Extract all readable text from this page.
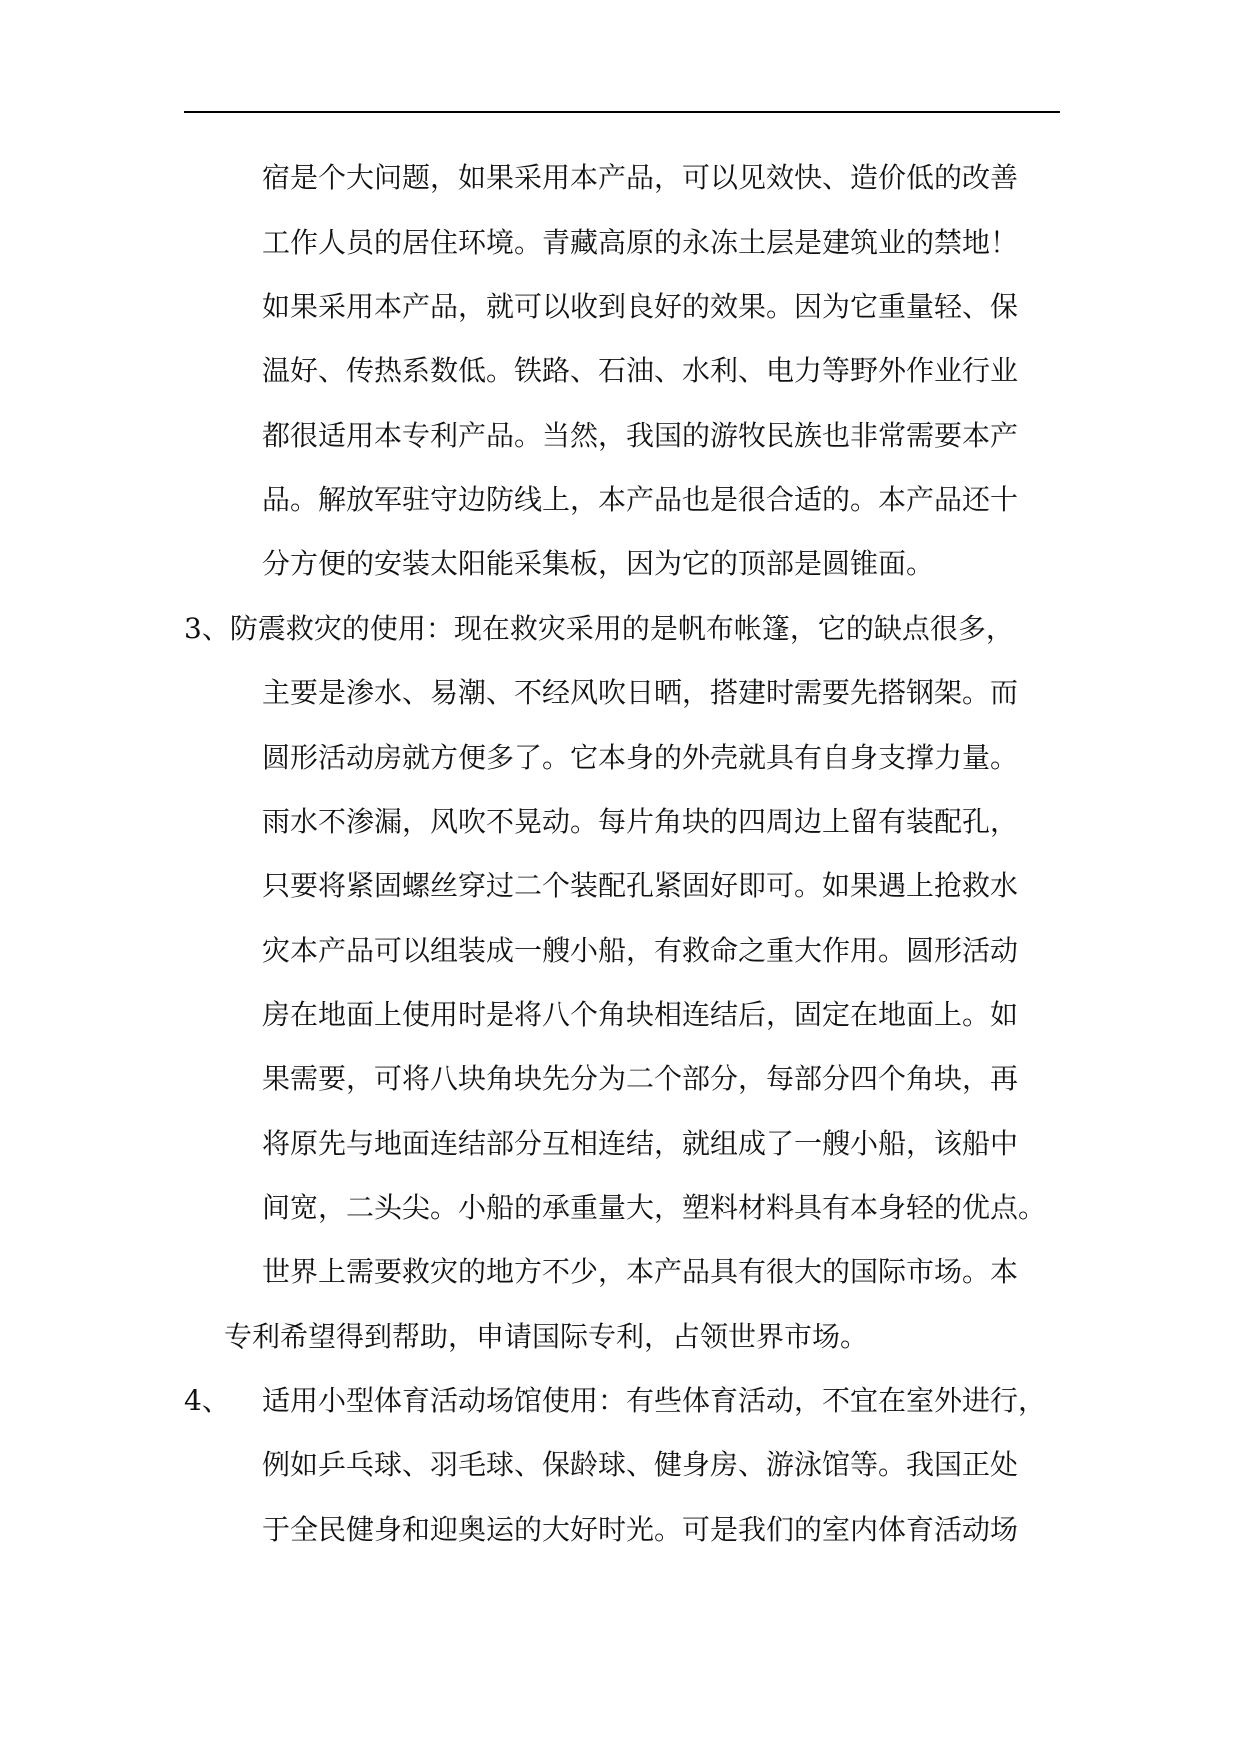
宿是个大问题，如果采用本产品，可以见效快、造价低的改善
工作人员的居住环境。青藏高原的永冻土层是建筑业的禁地！
如果采用本产品，就可以收到良好的效果。因为它重量轻、保
温好、传热系数低。铁路、石油、水利、电力等野外作业行业
都很适用本专利产品。当然，我国的游牧民族也非常需要本产
品。解放军驻守边防线上，本产品也是很合适的。本产品还十
分方便的安装太阳能采集板，因为它的顶部是圆锥面。
3、防震救灾的使用：现在救灾采用的是帆布帐篷，它的缺点很多，
主要是渗水、易潮、不经风吹日晒，搭建时需要先搭钢架。而
圆形活动房就方便多了。它本身的外壳就具有自身支撑力量。
雨水不渗漏，风吹不晃动。每片角块的四周边上留有装配孔，
只要将紧固螺丝穿过二个装配孔紧固好即可。如果遇上抢救水
灾本产品可以组装成一艘小船，有救命之重大作用。圆形活动
房在地面上使用时是将八个角块相连结后，固定在地面上。如
果需要，可将八块角块先分为二个部分，每部分四个角块，再
将原先与地面连结部分互相连结，就组成了一艘小船，该船中
间宽，二头尖。小船的承重量大，塑料材料具有本身轻的优点。
世界上需要救灾的地方不少，本产品具有很大的国际市场。本
专利希望得到帮助，申请国际专利，占领世界市场。
4、 适用小型体育活动场馆使用：有些体育活动，不宜在室外进行，
例如乒乓球、羽毛球、保龄球、健身房、游泳馆等。我国正处
于全民健身和迎奥运的大好时光。可是我们的室内体育活动场
